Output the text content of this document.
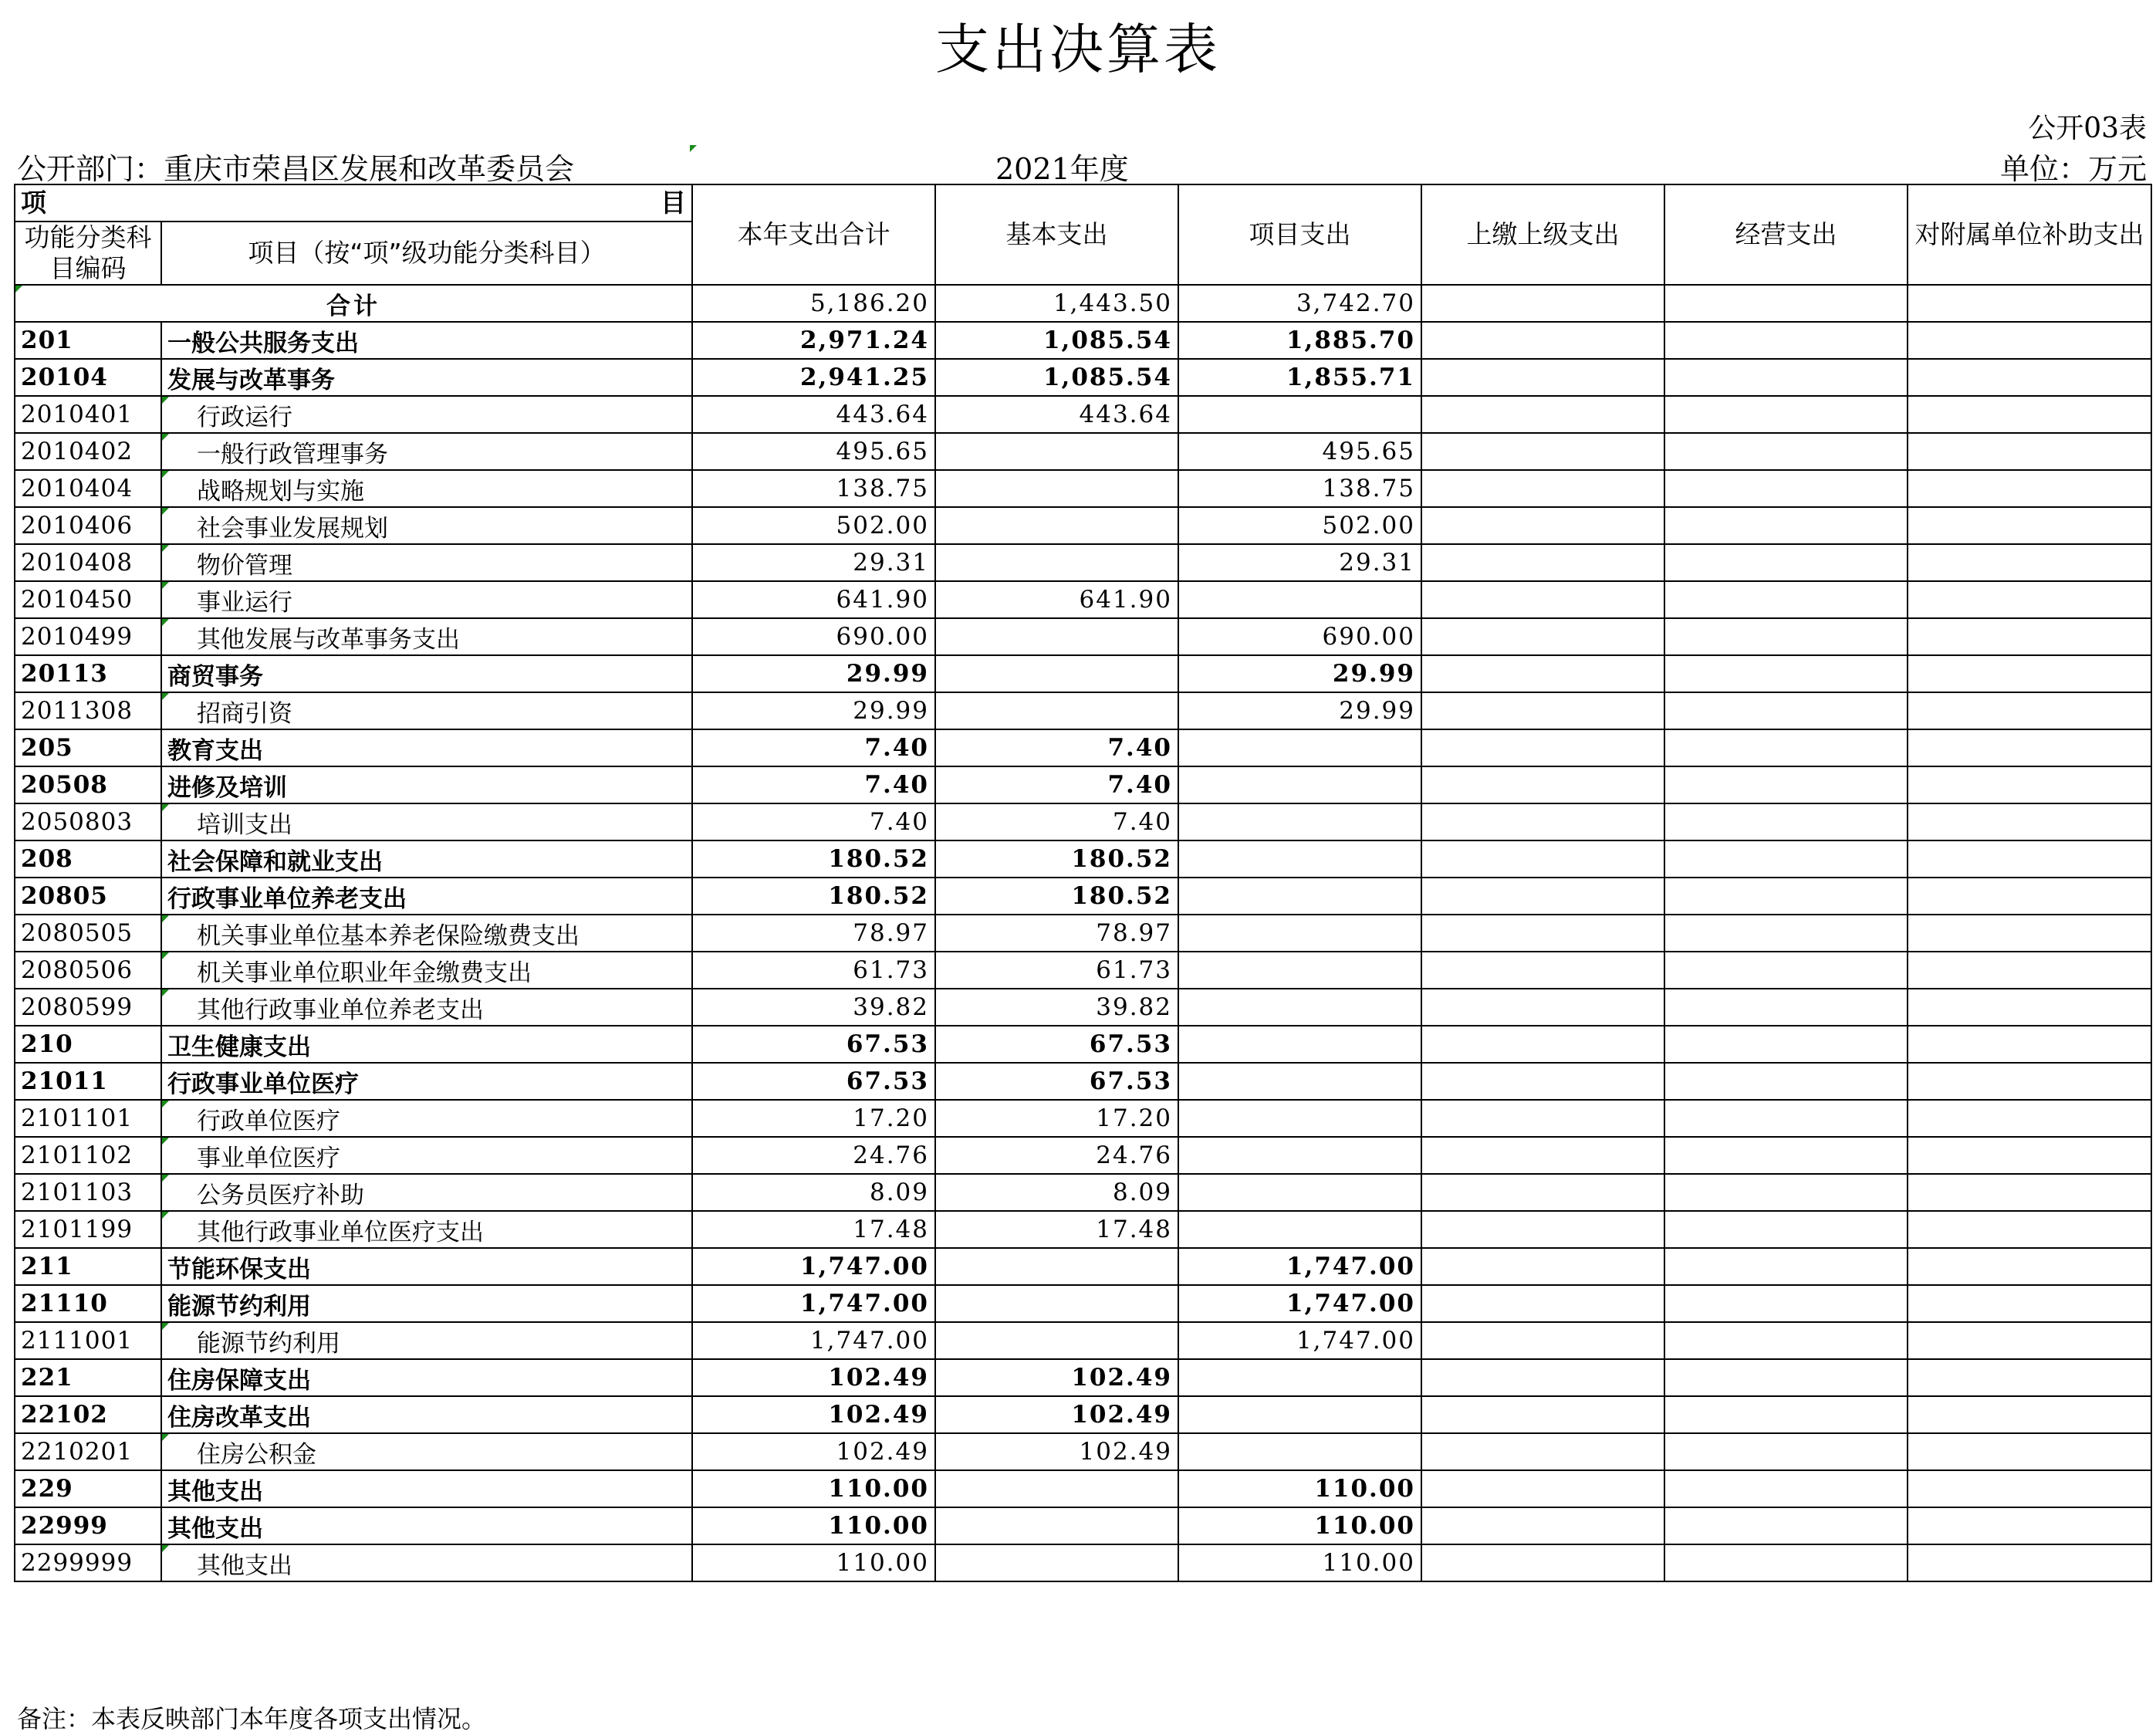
支出决算表
公开03表
公开部门：重庆市荣昌区发展和改革委员会	2021年度	单位：万元
项 目		本年支出合计	基本支出	项目支出	上缴上级支出	经营支出	对附属单位补助支出
功能分类科目编码	项目（按“项”级功能分类科目）						
合计		5,186.20	1,443.50	3,742.70			
201	一般公共服务支出	2,971.24	1,085.54	1,885.70			
20104	发展与改革事务	2,941.25	1,085.54	1,855.71			
2010401	行政运行	443.64	443.64				
2010402	一般行政管理事务	495.65		495.65			
2010404	战略规划与实施	138.75		138.75			
2010406	社会事业发展规划	502.00		502.00			
2010408	物价管理	29.31		29.31			
2010450	事业运行	641.90	641.90				
2010499	其他发展与改革事务支出	690.00		690.00			
20113	商贸事务	29.99		29.99			
2011308	招商引资	29.99		29.99			
205	教育支出	7.40	7.40				
20508	进修及培训	7.40	7.40				
2050803	培训支出	7.40	7.40				
208	社会保障和就业支出	180.52	180.52				
20805	行政事业单位养老支出	180.52	180.52				
2080505	机关事业单位基本养老保险缴费支出	78.97	78.97				
2080506	机关事业单位职业年金缴费支出	61.73	61.73				
2080599	其他行政事业单位养老支出	39.82	39.82				
210	卫生健康支出	67.53	67.53				
21011	行政事业单位医疗	67.53	67.53				
2101101	行政单位医疗	17.20	17.20				
2101102	事业单位医疗	24.76	24.76				
2101103	公务员医疗补助	8.09	8.09				
2101199	其他行政事业单位医疗支出	17.48	17.48				
211	节能环保支出	1,747.00		1,747.00			
21110	能源节约利用	1,747.00		1,747.00			
2111001	能源节约利用	1,747.00		1,747.00			
221	住房保障支出	102.49	102.49				
22102	住房改革支出	102.49	102.49				
2210201	住房公积金	102.49	102.49				
229	其他支出	110.00		110.00			
22999	其他支出	110.00		110.00			
2299999	其他支出	110.00		110.00			
备注：本表反映部门本年度各项支出情况。
